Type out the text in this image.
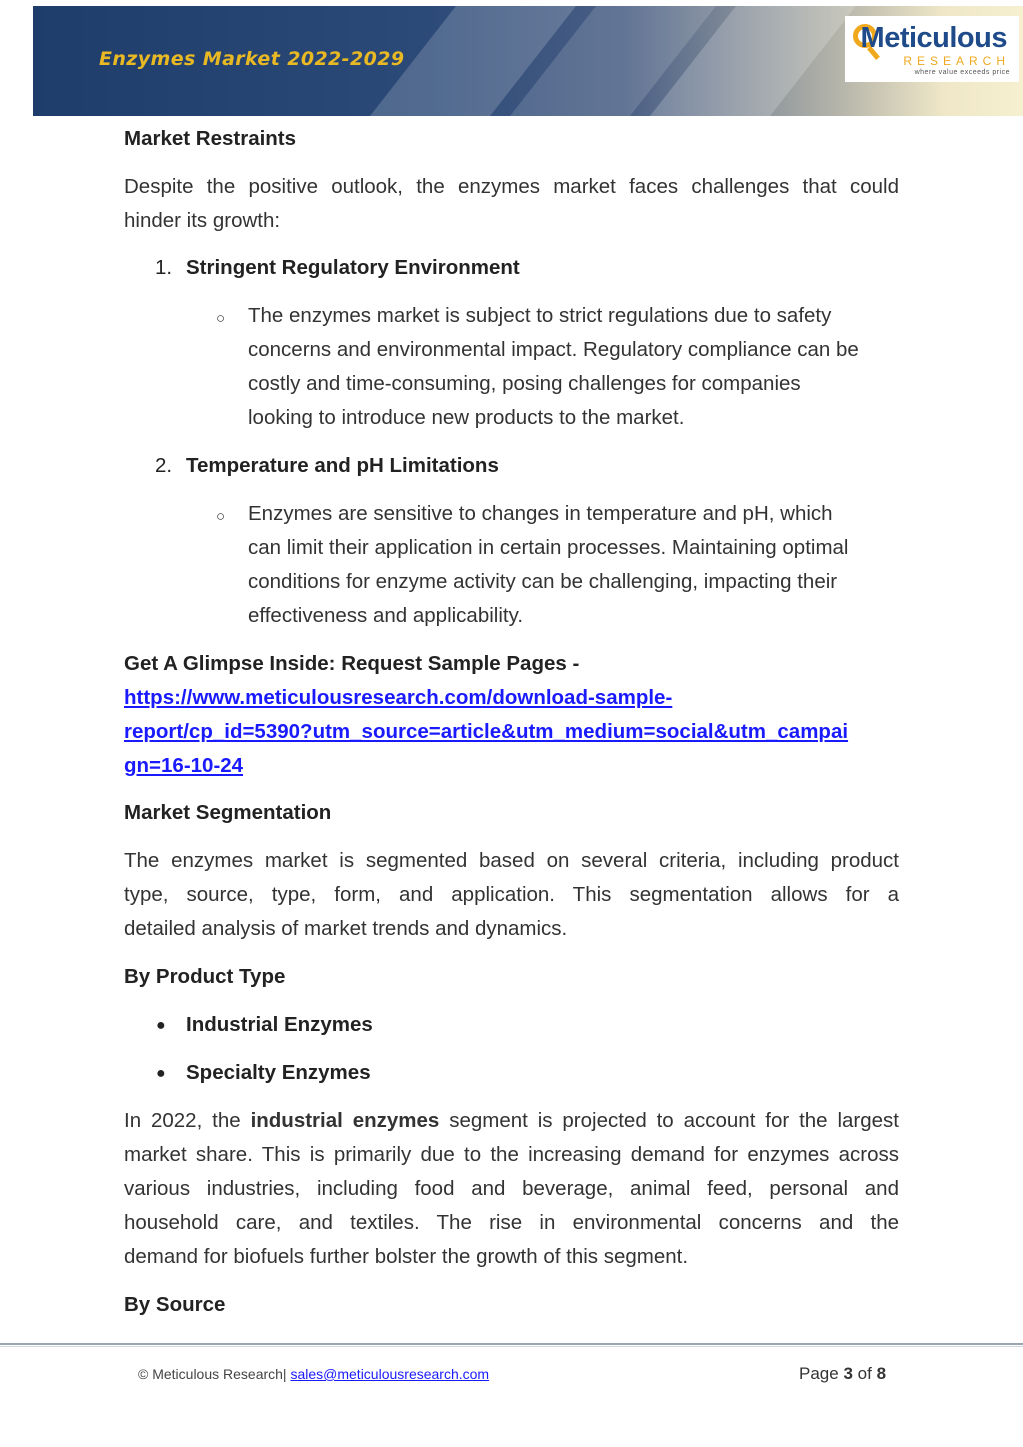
Enzymes Market 2022-2029
Meticulous
RESEARCH
where value exceeds price
Market Restraints
Despite the positive outlook, the enzymes market faces challenges that could
hinder its growth:
1. Stringent Regulatory Environment
○ The enzymes market is subject to strict regulations due to safety
concerns and environmental impact. Regulatory compliance can be
costly and time-consuming, posing challenges for companies
looking to introduce new products to the market.
2. Temperature and pH Limitations
○ Enzymes are sensitive to changes in temperature and pH, which
can limit their application in certain processes. Maintaining optimal
conditions for enzyme activity can be challenging, impacting their
effectiveness and applicability.
Get A Glimpse Inside: Request Sample Pages -
https://www.meticulousresearch.com/download-sample-
report/cp_id=5390?utm_source=article&utm_medium=social&utm_campai
gn=16-10-24
Market Segmentation
The enzymes market is segmented based on several criteria, including product
type, source, type, form, and application. This segmentation allows for a
detailed analysis of market trends and dynamics.
By Product Type
● Industrial Enzymes
● Specialty Enzymes
In 2022, the industrial enzymes segment is projected to account for the largest
market share. This is primarily due to the increasing demand for enzymes across
various industries, including food and beverage, animal feed, personal and
household care, and textiles. The rise in environmental concerns and the
demand for biofuels further bolster the growth of this segment.
By Source
© Meticulous Research| sales@meticulousresearch.com	Page 3 of 8
